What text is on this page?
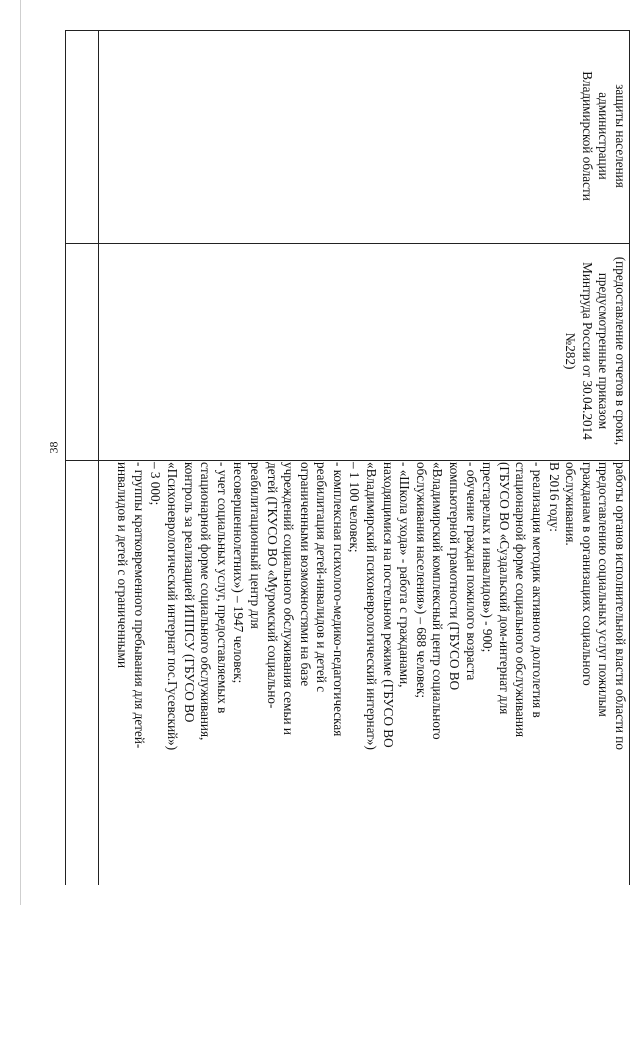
38
работы органов исполнительной власти области по
предоставлению социальных услуг пожилым
гражданам в организациях социального
обслуживания.
В 2016 году:
- реализация методик активного долголетия в
стационарной форме социального обслуживания
(ГБУСО ВО «Суздальский дом-интернат для
престарелых и инвалидов») - 900;
- обучение граждан пожилого возраста
компьютерной грамотности (ГБУСО ВО
«Владимирский комплексный центр социального
обслуживания населения») – 688 человек;
- «Школа ухода» - работа с гражданами,
находящимися на постельном режиме (ГБУСО ВО
«Владимирский психоневрологический интернат»)
– 1 100 человек;
- комплексная психолого-медико-педагогическая
реабилитация детей-инвалидов и детей с
ограниченными возможностями на базе
учреждений социального обслуживания семьи и
детей (ГКУСО ВО «Муромский социально-
реабилитационный центр для
несовершеннолетних») – 1947 человек;
- учет социальных услуг, предоставляемых в
стационарной форме социального обслуживания,
контроль за реализацией ИППСУ (ГБУСО ВО
«Психоневрологический интернат пос.Гусевский»)
– 3 000;
- группы кратковременного пребывания для детей-
инвалидов и детей с ограниченными
(предоставление отчетов в сроки,
предусмотренные приказом
Минтруда России от 30.04.2014
№282)
защиты населения
администрации
Владимирской области
